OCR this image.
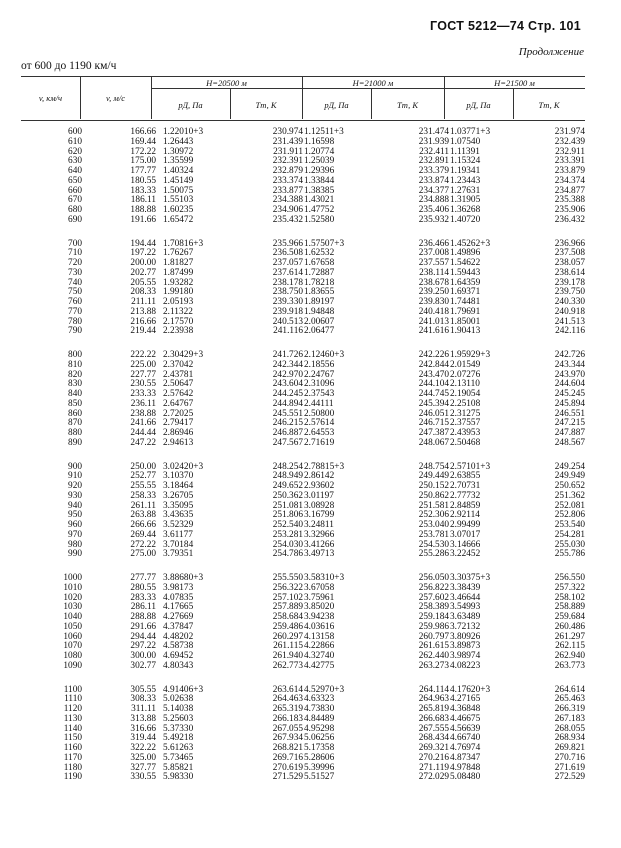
ГОСТ 5212—74 Стр. 101
Продолжение
от 600 до 1190 км/ч
v, км/ч	v, м/с
H=20500 м	H=21000 м	H=21500 м
pД, Па	Tт, К	pД, Па	Tт, К	pД, Па	Tт, К
600	166.66 1.22010+3	230.974 1.12511+3	231.474 1.03771+3	231.974
610	169.44 1.26443	231.439 1.16598	231.939 1.07540	232.439
620	172.22 1.30972	231.911 1.20774	232.411 1.11391	232.911
630	175.00 1.35599	232.391 1.25039	232.891 1.15324	233.391
640	177.77 1.40324	232.879 1.29396	233.379 1.19341	233.879
650	180.55 1.45149	233.374 1.33844	233.874 1.23443	234.374
660	183.33 1.50075	233.877 1.38385	234.377 1.27631	234.877
670	186.11 1.55103	234.388 1.43021	234.888 1.31905	235.388
680	188.88 1.60235	234.906 1.47752	235.406 1.36268	235.906
690	191.66 1.65472	235.432 1.52580	235.932 1.40720	236.432
700	194.44 1.70816+3	235.966 1.57507+3	236.466 1.45262+3	236.966
710	197.22 1.76267	236.508 1.62532	237.008 1.49896	237.508
720	200.00 1.81827	237.057 1.67658	237.557 1.54622	238.057
730	202.77 1.87499	237.614 1.72887	238.114 1.59443	238.614
740	205.55 1.93282	238.178 1.78218	238.678 1.64359	239.178
750	208.33 1.99180	238.750 1.83655	239.250 1.69371	239.750
760	211.11 2.05193	239.330 1.89197	239.830 1.74481	240.330
770	213.88 2.11322	239.918 1.94848	240.418 1.79691	240.918
780	216.66 2.17570	240.513 2.00607	241.013 1.85001	241.513
790	219.44 2.23938	241.116 2.06477	241.616 1.90413	242.116
800	222.22 2.30429+3	241.726 2.12460+3	242.226 1.95929+3	242.726
810	225.00 2.37042	242.344 2.18556	242.844 2.01549	243.344
820	227.77 2.43781	242.970 2.24767	243.470 2.07276	243.970
830	230.55 2.50647	243.604 2.31096	244.104 2.13110	244.604
840	233.33 2.57642	244.245 2.37543	244.745 2.19054	245.245
850	236.11 2.64767	244.894 2.44111	245.394 2.25108	245.894
860	238.88 2.72025	245.551 2.50800	246.051 2.31275	246.551
870	241.66 2.79417	246.215 2.57614	246.715 2.37557	247.215
880	244.44 2.86946	246.887 2.64553	247.387 2.43953	247.887
890	247.22 2.94613	247.567 2.71619	248.067 2.50468	248.567
900	250.00 3.02420+3	248.254 2.78815+3	248.754 2.57101+3	249.254
910	252.77 3.10370	248.949 2.86142	249.449 2.63855	249.949
920	255.55 3.18464	249.652 2.93602	250.152 2.70731	250.652
930	258.33 3.26705	250.362 3.01197	250.862 2.77732	251.362
940	261.11 3.35095	251.081 3.08928	251.581 2.84859	252.081
950	263.88 3.43635	251.806 3.16799	252.306 2.92114	252.806
960	266.66 3.52329	252.540 3.24811	253.040 2.99499	253.540
970	269.44 3.61177	253.281 3.32966	253.781 3.07017	254.281
980	272.22 3.70184	254.030 3.41266	254.530 3.14666	255.030
990	275.00 3.79351	254.786 3.49713	255.286 3.22452	255.786
1000	277.77 3.88680+3	255.550 3.58310+3	256.050 3.30375+3	256.550
1010	280.55 3.98173	256.322 3.67058	256.822 3.38439	257.322
1020	283.33 4.07835	257.102 3.75961	257.602 3.46644	258.102
1030	286.11 4.17665	257.889 3.85020	258.389 3.54993	258.889
1040	288.88 4.27669	258.684 3.94238	259.184 3.63489	259.684
1050	291.66 4.37847	259.486 4.03616	259.986 3.72132	260.486
1060	294.44 4.48202	260.297 4.13158	260.797 3.80926	261.297
1070	297.22 4.58738	261.115 4.22866	261.615 3.89873	262.115
1080	300.00 4.69452	261.940 4.32740	262.440 3.98974	262.940
1090	302.77 4.80343	262.773 4.42775	263.273 4.08223	263.773
1100	305.55 4.91406+3	263.614 4.52970+3	264.114 4.17620+3	264.614
1110	308.33 5.02638	264.463 4.63323	264.963 4.27165	265.463
1120	311.11 5.14038	265.319 4.73830	265.819 4.36848	266.319
1130	313.88 5.25603	266.183 4.84489	266.683 4.46675	267.183
1140	316.66 5.37330	267.055 4.95298	267.555 4.56639	268.055
1150	319.44 5.49218	267.934 5.06256	268.434 4.66740	268.934
1160	322.22 5.61263	268.821 5.17358	269.321 4.76974	269.821
1170	325.00 5.73465	269.716 5.28606	270.216 4.87347	270.716
1180	327.77 5.85821	270.619 5.39996	271.119 4.97848	271.619
1190	330.55 5.98330	271.529 5.51527	272.029 5.08480	272.529
